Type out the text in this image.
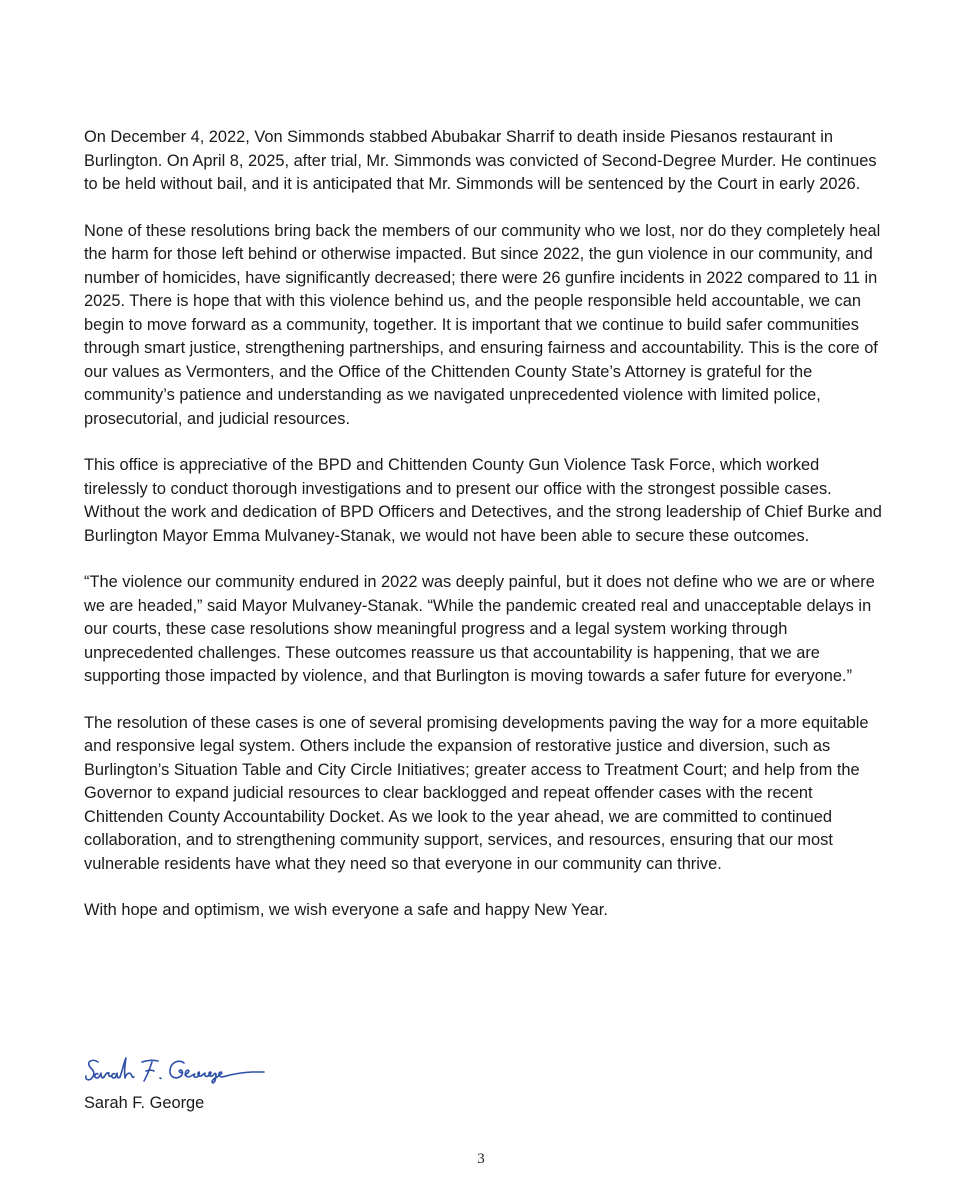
On December 4, 2022, Von Simmonds stabbed Abubakar Sharrif to death inside Piesanos restaurant in Burlington. On April 8, 2025, after trial, Mr. Simmonds was convicted of Second-Degree Murder. He continues to be held without bail, and it is anticipated that Mr. Simmonds will be sentenced by the Court in early 2026.

None of these resolutions bring back the members of our community who we lost, nor do they completely heal the harm for those left behind or otherwise impacted. But since 2022, the gun violence in our community, and number of homicides, have significantly decreased; there were 26 gunfire incidents in 2022 compared to 11 in 2025. There is hope that with this violence behind us, and the people responsible held accountable, we can begin to move forward as a community, together. It is important that we continue to build safer communities through smart justice, strengthening partnerships, and ensuring fairness and accountability. This is the core of our values as Vermonters, and the Office of the Chittenden County State’s Attorney is grateful for the community’s patience and understanding as we navigated unprecedented violence with limited police, prosecutorial, and judicial resources.

This office is appreciative of the BPD and Chittenden County Gun Violence Task Force, which worked tirelessly to conduct thorough investigations and to present our office with the strongest possible cases. Without the work and dedication of BPD Officers and Detectives, and the strong leadership of Chief Burke and Burlington Mayor Emma Mulvaney-Stanak, we would not have been able to secure these outcomes.

“The violence our community endured in 2022 was deeply painful, but it does not define who we are or where we are headed,” said Mayor Mulvaney-Stanak. “While the pandemic created real and unacceptable delays in our courts, these case resolutions show meaningful progress and a legal system working through unprecedented challenges. These outcomes reassure us that accountability is happening, that we are supporting those impacted by violence, and that Burlington is moving towards a safer future for everyone.”

The resolution of these cases is one of several promising developments paving the way for a more equitable and responsive legal system. Others include the expansion of restorative justice and diversion, such as Burlington’s Situation Table and City Circle Initiatives; greater access to Treatment Court; and help from the Governor to expand judicial resources to clear backlogged and repeat offender cases with the recent Chittenden County Accountability Docket. As we look to the year ahead, we are committed to continued collaboration, and to strengthening community support, services, and resources, ensuring that our most vulnerable residents have what they need so that everyone in our community can thrive.

With hope and optimism, we wish everyone a safe and happy New Year.

Sarah F. George

3
